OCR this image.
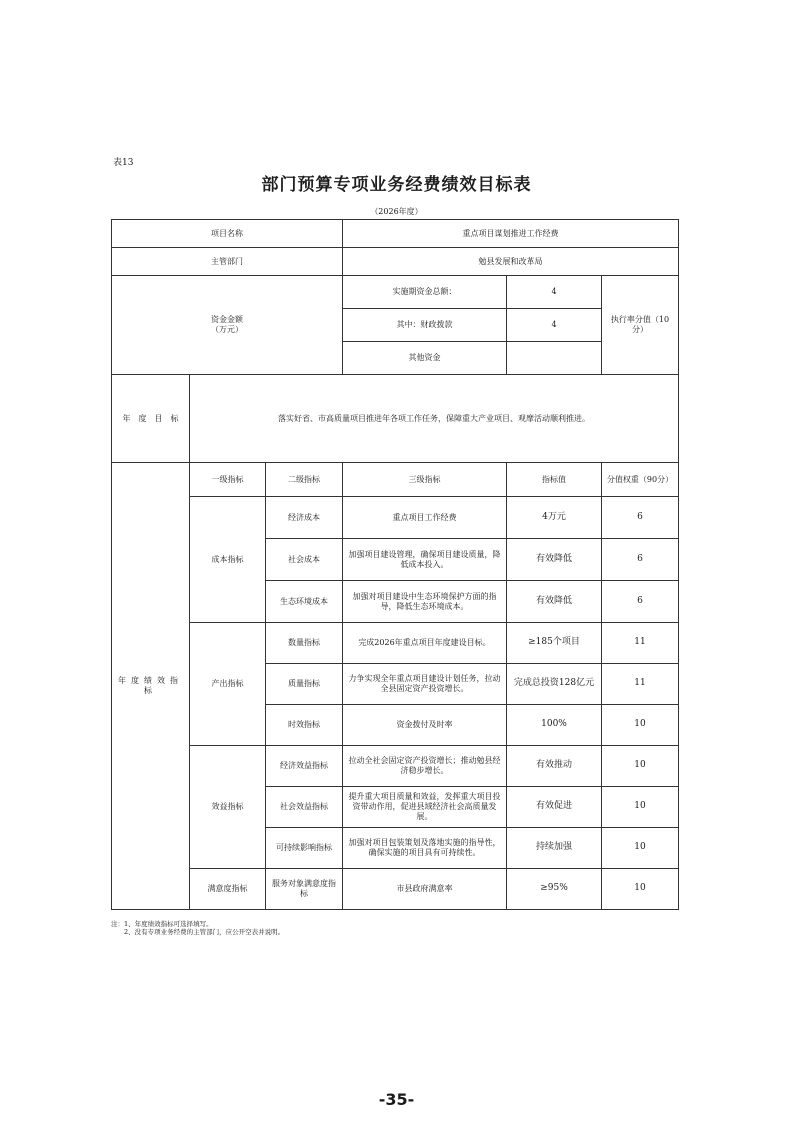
表13
部门预算专项业务经费绩效目标表
（2026年度）
项目名称			重点项目谋划推进工作经费		
主管部门			勉县发展和改革局		

资金金额
（万元）			实施期资金总额：	4	执行率分值（10分）
			其中：财政拨款	4	
			其他资金		
年　度　目　标	落实好省、市高质量项目推进年各项工作任务，保障重大产业项目、观摩活动顺利推进。				
年度绩效指标	一级指标	二级指标	三级指标	指标值	分值权重（90分）
	成本指标	经济成本	重点项目工作经费	4万元	6
		社会成本	加强项目建设管理，确保项目建设质量，降低成本投入。	有效降低	6
		生态环境成本	加强对项目建设中生态环境保护方面的指导，降低生态环境成本。	有效降低	6
	产出指标	数量指标	完成2026年重点项目年度建设目标。	≥185个项目	11
		质量指标	力争实现全年重点项目建设计划任务，拉动全县固定资产投资增长。	完成总投资128亿元	11
		时效指标	资金拨付及时率	100%	10
	效益指标	经济效益指标	拉动全社会固定资产投资增长；推动勉县经济稳步增长。	有效推动	10
		社会效益指标	提升重大项目质量和效益，发挥重大项目投资带动作用，促进县域经济社会高质量发展。	有效促进	10
		可持续影响指标	加强对项目包装策划及落地实施的指导性，确保实施的项目具有可持续性。	持续加强	10
	满意度指标	服务对象满意度指标	市县政府满意率	≥95%	10
注：1、年度绩效指标可选择填写。
2、没有专项业务经费的主管部门，应公开空表并说明。
-35-
